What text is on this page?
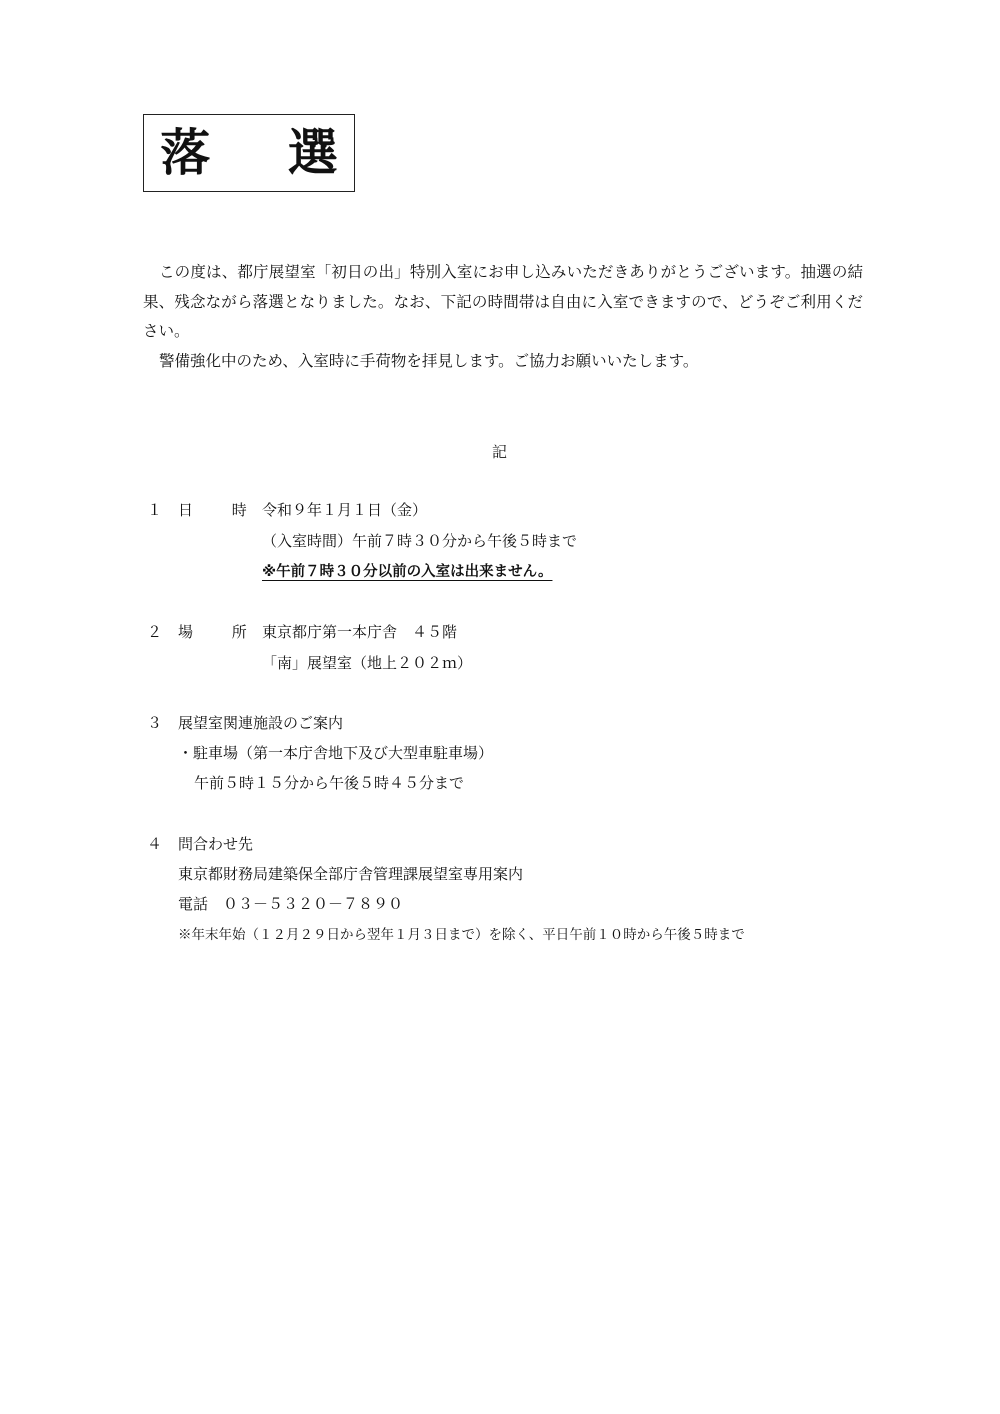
落 選

この度は、都庁展望室「初日の出」特別入室にお申し込みいただきありがとうございます。抽選の結果、残念ながら落選となりました。なお、下記の時間帯は自由に入室できますので、どうぞご利用ください。

警備強化中のため、入室時に手荷物を拝見します。ご協力お願いいたします。

記
１ 日 時
令和９年１月１日（金）
（入室時間）午前７時３０分から午後５時まで
※午前７時３０分以前の入室は出来ません。
２ 場 所
東京都庁第一本庁舎　４５階
「南」展望室（地上２０２ｍ）
３ 展望室関連施設のご案内
・駐車場（第一本庁舎地下及び大型車駐車場）
午前５時１５分から午後５時４５分まで
４ 問合わせ先
東京都財務局建築保全部庁舎管理課展望室専用案内
電話　０３－５３２０－７８９０
※年末年始（１２月２９日から翌年１月３日まで）を除く、平日午前１０時から午後５時まで
